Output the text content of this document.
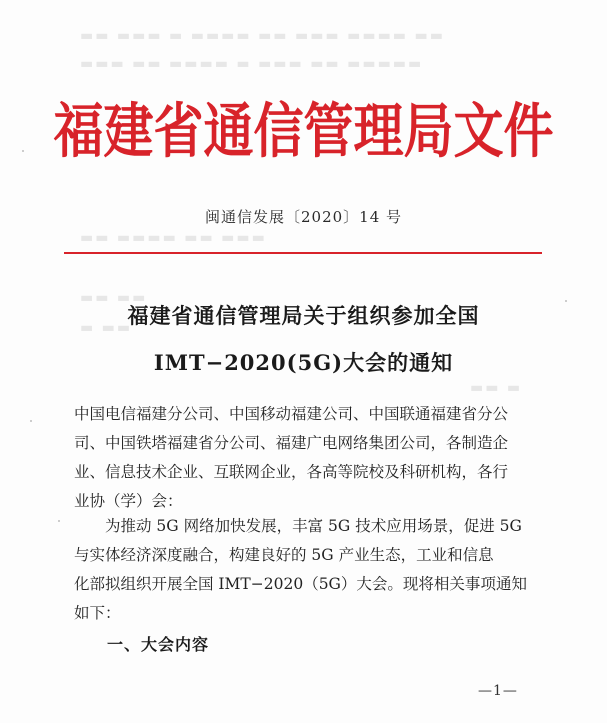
▬▬ ▬▬▬ ▬ ▬▬▬▬ ▬▬ ▬▬▬ ▬▬▬▬ ▬▬
▬▬▬ ▬▬ ▬▬▬▬ ▬ ▬▬▬ ▬▬ ▬▬▬▬▬
▬▬ ▬▬▬▬ ▬▬ ▬▬▬
▬▬ ▬▬
▬ ▬▬
▬▬ ▬
福建省通信管理局文件
闽通信发展〔2020〕14 号
福建省通信管理局关于组织参加全国
IMT−2020(5G)大会的通知
中国电信福建分公司、中国移动福建公司、中国联通福建省分公
司、中国铁塔福建省分公司、福建广电网络集团公司，各制造企
业、信息技术企业、互联网企业，各高等院校及科研机构，各行
业协（学）会：
　　为推动 5G 网络加快发展，丰富 5G 技术应用场景，促进 5G
与实体经济深度融合，构建良好的 5G 产业生态，工业和信息
化部拟组织开展全国 IMT−2020（5G）大会。现将相关事项通知
如下：
一、大会内容
—1—
